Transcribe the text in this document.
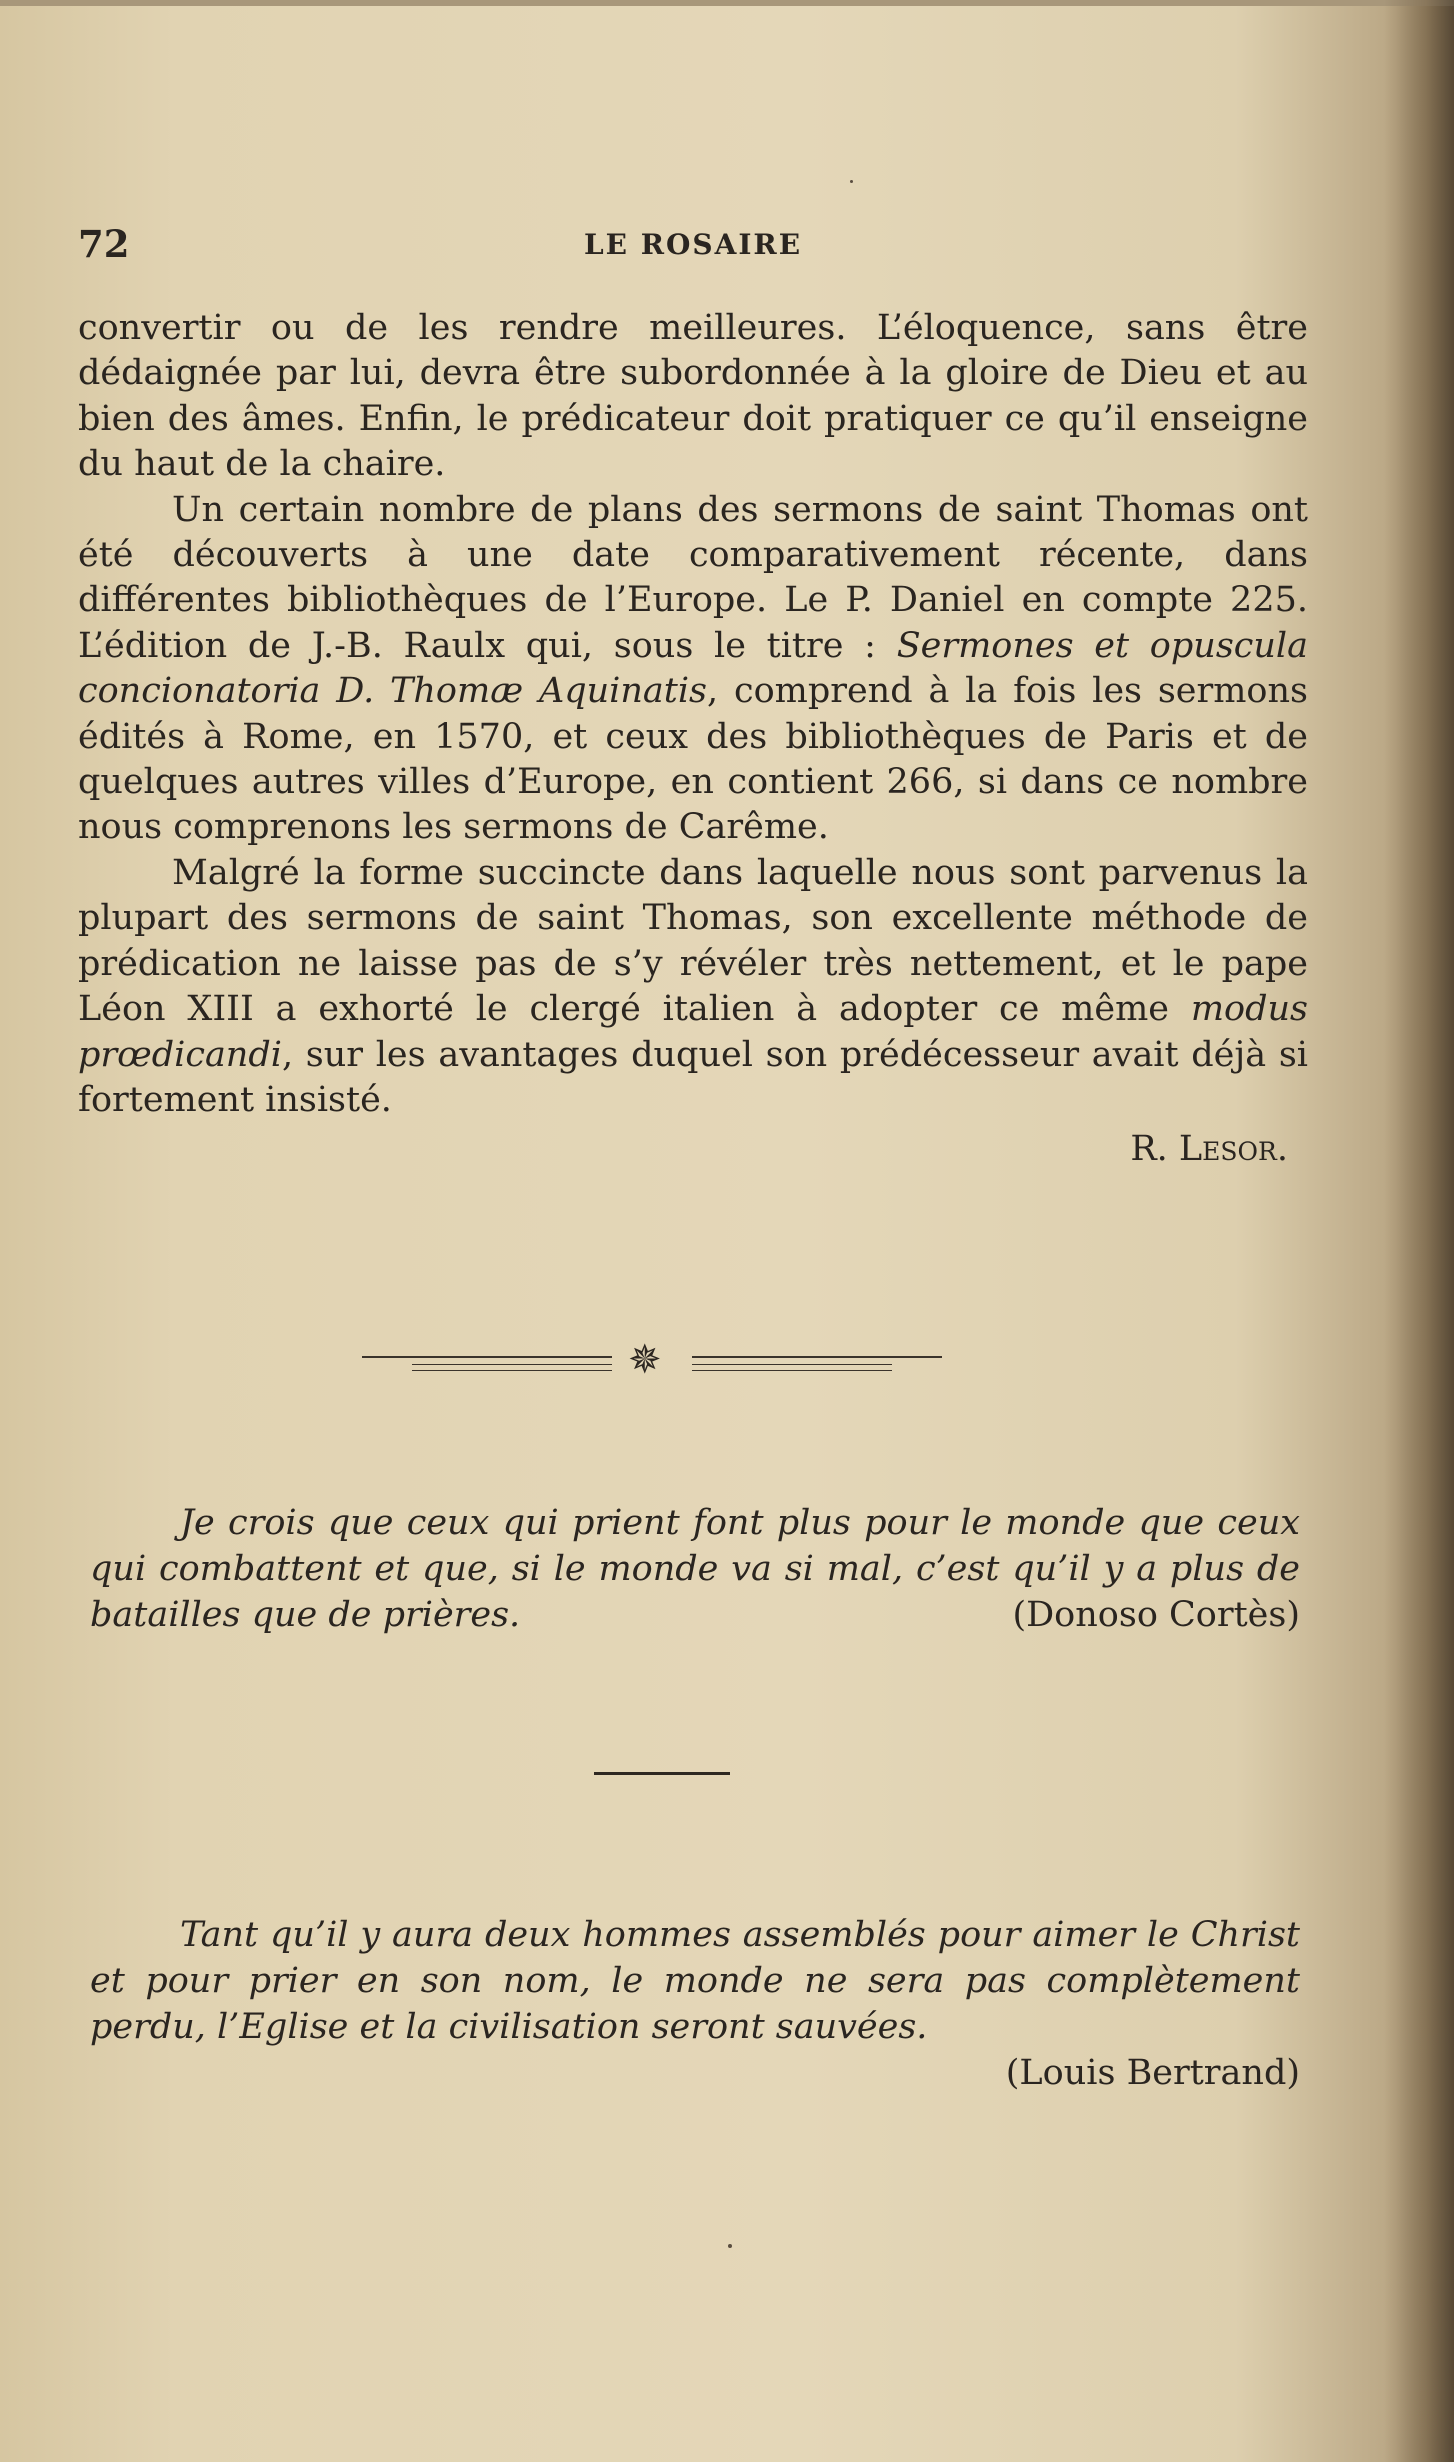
72	LE ROSAIRE

convertir ou de les rendre meilleures. L’éloquence, sans être dédaignée par lui, devra être subordonnée à la gloire de Dieu et au bien des âmes. Enfin, le prédicateur doit pratiquer ce qu’il enseigne du haut de la chaire.

Un certain nombre de plans des sermons de saint Thomas ont été découverts à une date comparativement récente, dans différentes bibliothèques de l’Europe. Le P. Daniel en compte 225. L’édition de J.-B. Raulx qui, sous le titre : Sermones et opuscula concionatoria D. Thomæ Aquinatis, comprend à la fois les sermons édités à Rome, en 1570, et ceux des bibliothèques de Paris et de quelques autres villes d’Europe, en contient 266, si dans ce nombre nous comprenons les sermons de Carême.

Malgré la forme succincte dans laquelle nous sont parvenus la plupart des sermons de saint Thomas, son excellente méthode de prédication ne laisse pas de s’y révéler très nettement, et le pape Léon XIII a exhorté le clergé italien à adopter ce même modus prœdicandi, sur les avantages duquel son prédécesseur avait déjà si fortement insisté.

R. Lesor.
✵

Je crois que ceux qui prient font plus pour le monde que ceux qui combattent et que, si le monde va si mal, c’est qu’il y a plus de batailles que de prières.	(Donoso Cortès)

Tant qu’il y aura deux hommes assemblés pour aimer le Christ et pour prier en son nom, le monde ne sera pas complètement perdu, l’Eglise et la civilisation seront sauvées.
(Louis Bertrand)
